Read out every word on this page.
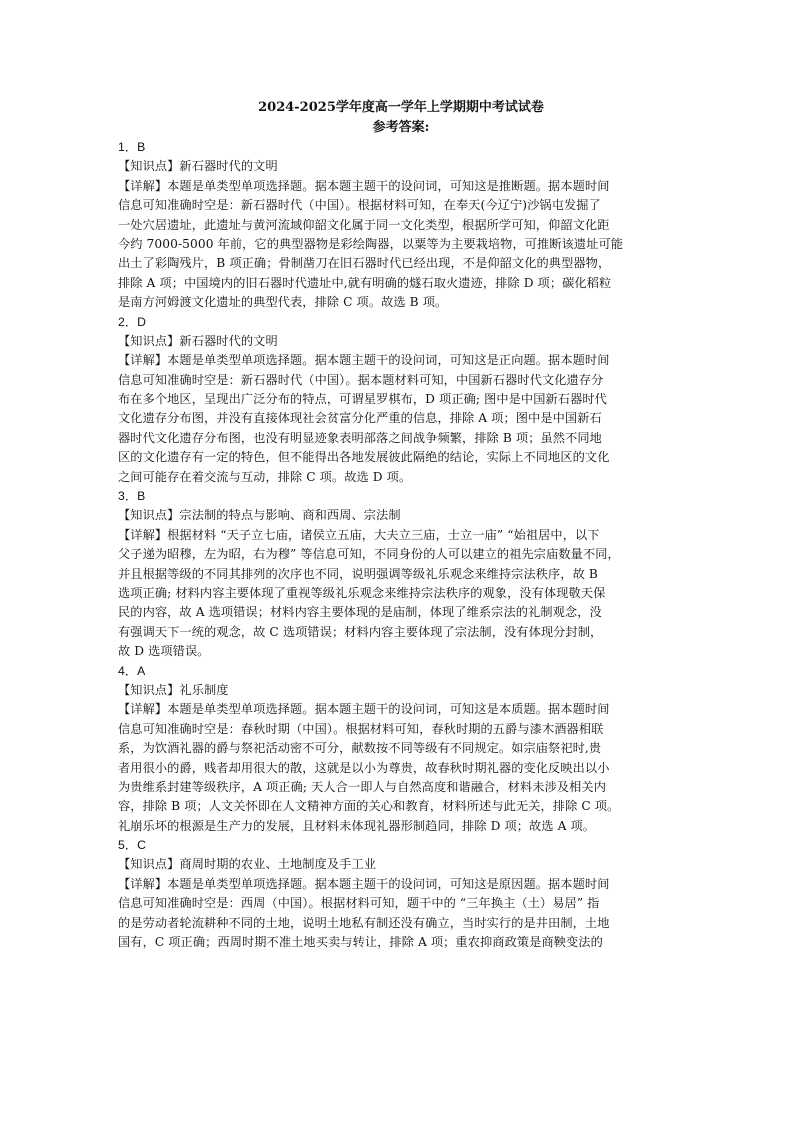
2024-2025学年度高一学年上学期期中考试试卷
参考答案:
1．B
【知识点】新石器时代的文明
【详解】本题是单类型单项选择题。据本题主题干的设问词，可知这是推断题。据本题时间
信息可知准确时空是：新石器时代（中国）。根据材料可知，在奉天(今辽宁)沙锅屯发掘了
一处穴居遗址，此遗址与黄河流域仰韶文化属于同一文化类型，根据所学可知，仰韶文化距
今约 7000-5000 年前，它的典型器物是彩绘陶器，以粟等为主要栽培物，可推断该遗址可能
出土了彩陶残片，B 项正确；骨制凿刀在旧石器时代已经出现，不是仰韶文化的典型器物，
排除 A 项；中国境内的旧石器时代遗址中,就有明确的燧石取火遗迹，排除 D 项；碳化稻粒
是南方河姆渡文化遗址的典型代表，排除 C 项。故选 B 项。
2．D
【知识点】新石器时代的文明
【详解】本题是单类型单项选择题。据本题主题干的设问词，可知这是正向题。据本题时间
信息可知准确时空是：新石器时代（中国）。据本题材料可知，中国新石器时代文化遗存分
布在多个地区，呈现出广泛分布的特点，可谓星罗棋布，D 项正确; 图中是中国新石器时代
文化遗存分布图，并没有直接体现社会贫富分化严重的信息，排除 A 项；图中是中国新石
器时代文化遗存分布图，也没有明显迹象表明部落之间战争频繁，排除 B 项；虽然不同地
区的文化遗存有一定的特色，但不能得出各地发展彼此隔绝的结论，实际上不同地区的文化
之间可能存在着交流与互动，排除 C 项。故选 D 项。
3．B
【知识点】宗法制的特点与影响、商和西周、宗法制
【详解】根据材料 “天子立七庙，诸侯立五庙，大夫立三庙，士立一庙” “始祖居中，以下
父子递为昭穆，左为昭，右为穆” 等信息可知，不同身份的人可以建立的祖先宗庙数量不同，
并且根据等级的不同其排列的次序也不同，说明强调等级礼乐观念来维持宗法秩序，故 B
选项正确; 材料内容主要体现了重视等级礼乐观念来维持宗法秩序的观象，没有体现敬天保
民的内容，故 A 选项错误；材料内容主要体现的是庙制，体现了维系宗法的礼制观念，没
有强调天下一统的观念，故 C 选项错误；材料内容主要体现了宗法制，没有体现分封制，
故 D 选项错误。
4．A
【知识点】礼乐制度
【详解】本题是单类型单项选择题。据本题主题干的设问词，可知这是本质题。据本题时间
信息可知准确时空是：春秋时期（中国）。根据材料可知，春秋时期的五爵与漆木酒器相联
系，为饮酒礼器的爵与祭祀活动密不可分，献数按不同等级有不同规定。如宗庙祭祀时,贵
者用很小的爵，贱者却用很大的散，这就是以小为尊贵，故春秋时期礼器的变化反映出以小
为贵维系封建等级秩序，A 项正确; 天人合一即人与自然高度和谐融合，材料未涉及相关内
容，排除 B 项；人文关怀即在人文精神方面的关心和教育，材料所述与此无关，排除 C 项。
礼崩乐坏的根源是生产力的发展，且材料未体现礼器形制趋同，排除 D 项；故选 A 项。
5．C
【知识点】商周时期的农业、土地制度及手工业
【详解】本题是单类型单项选择题。据本题主题干的设问词，可知这是原因题。据本题时间
信息可知准确时空是：西周（中国）。根据材料可知，题干中的 “三年换主（土）易居” 指
的是劳动者轮流耕种不同的土地，说明土地私有制还没有确立，当时实行的是井田制，土地
国有，C 项正确；西周时期不准土地买卖与转让，排除 A 项；重农抑商政策是商鞅变法的
